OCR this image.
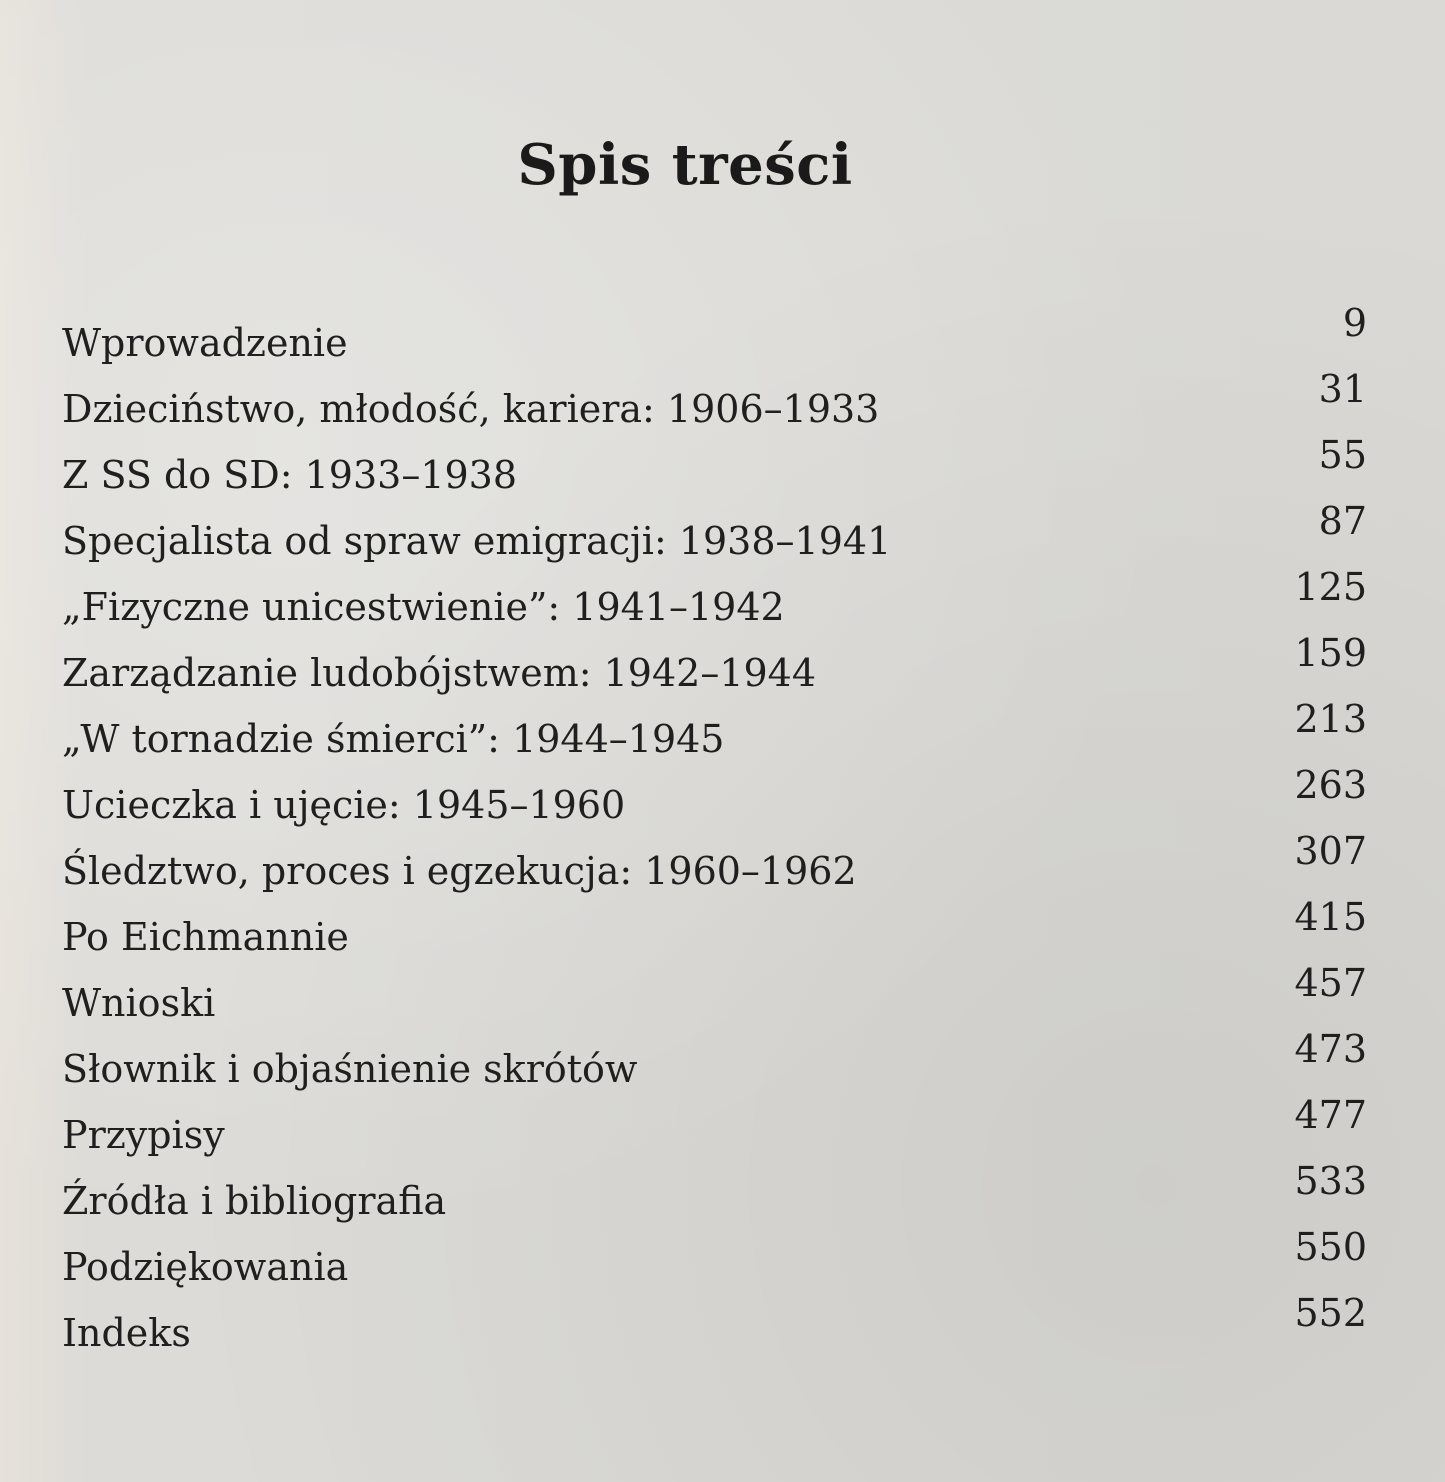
Spis treści
Wprowadzenie	9
Dzieciństwo, młodość, kariera: 1906–1933	31
Z SS do SD: 1933–1938	55
Specjalista od spraw emigracji: 1938–1941	87
„Fizyczne unicestwienie”: 1941–1942	125
Zarządzanie ludobójstwem: 1942–1944	159
„W tornadzie śmierci”: 1944–1945	213
Ucieczka i ujęcie: 1945–1960	263
Śledztwo, proces i egzekucja: 1960–1962	307
Po Eichmannie	415
Wnioski	457
Słownik i objaśnienie skrótów	473
Przypisy	477
Źródła i bibliografia	533
Podziękowania	550
Indeks	552
